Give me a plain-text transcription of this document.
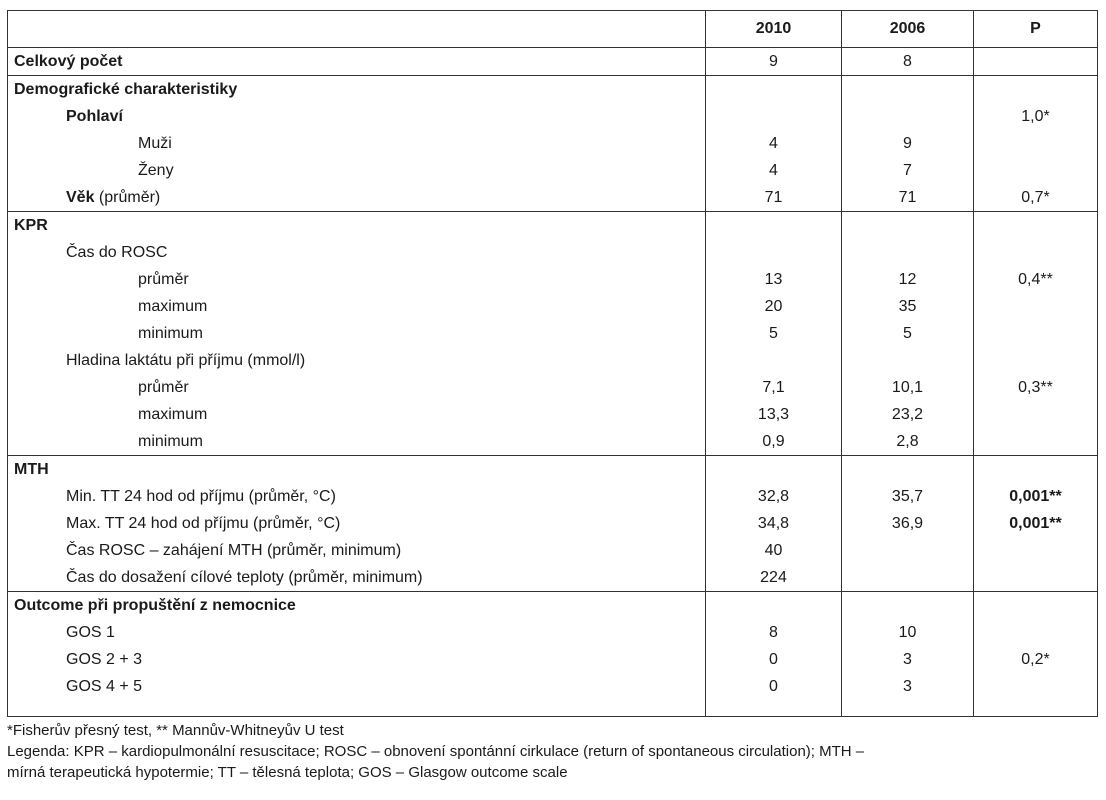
	2010	2006	P
Celkový počet	9	8	
Demografické charakteristiky			
Pohlaví			1,0*
Muži	4	9	
Ženy	4	7	
Věk (průměr)	71	71	0,7*
KPR			
Čas do ROSC			
průměr	13	12	0,4**
maximum	20	35	
minimum	5	5	
Hladina laktátu při příjmu (mmol/l)			
průměr	7,1	10,1	0,3**
maximum	13,3	23,2	
minimum	0,9	2,8	
MTH			
Min. TT 24 hod od příjmu (průměr, °C)	32,8	35,7	0,001**
Max. TT 24 hod od příjmu (průměr, °C)	34,8	36,9	0,001**
Čas ROSC – zahájení MTH (průměr, minimum)	40		
Čas do dosažení cílové teploty (průměr, minimum)	224		
Outcome při propuštění z nemocnice			
GOS 1	8	10	
GOS 2 + 3	0	3	0,2*
GOS 4 + 5	0	3	

*Fisherův přesný test, ** Mannův-Whitneyův U test
Legenda: KPR – kardiopulmonální resuscitace; ROSC – obnovení spontánní cirkulace (return of spontaneous circulation); MTH –
mírná terapeutická hypotermie; TT – tělesná teplota; GOS – Glasgow outcome scale
